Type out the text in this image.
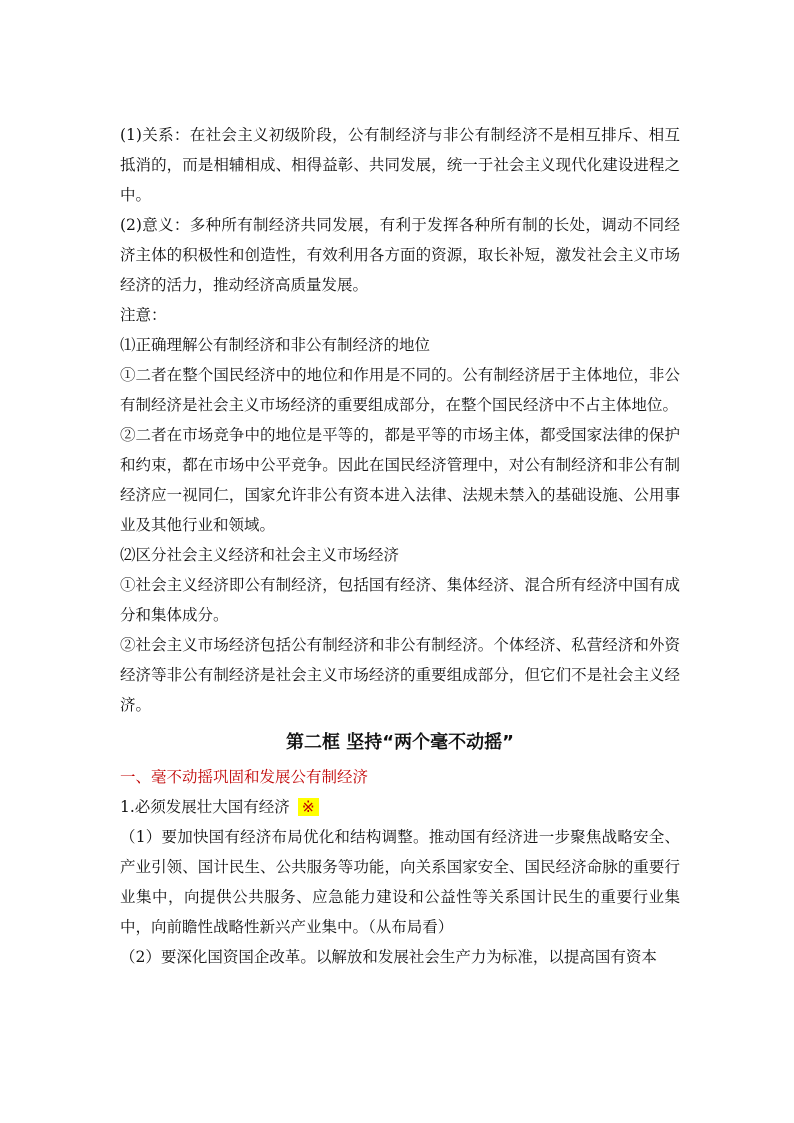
(1)关系：在社会主义初级阶段，公有制经济与非公有制经济不是相互排斥、相互抵消的，而是相辅相成、相得益彰、共同发展，统一于社会主义现代化建设进程之中。

(2)意义：多种所有制经济共同发展，有利于发挥各种所有制的长处，调动不同经济主体的积极性和创造性，有效利用各方面的资源，取长补短，激发社会主义市场经济的活力，推动经济高质量发展。

注意：

⑴正确理解公有制经济和非公有制经济的地位

①二者在整个国民经济中的地位和作用是不同的。公有制经济居于主体地位，非公有制经济是社会主义市场经济的重要组成部分，在整个国民经济中不占主体地位。

②二者在市场竞争中的地位是平等的，都是平等的市场主体，都受国家法律的保护和约束，都在市场中公平竞争。因此在国民经济管理中，对公有制经济和非公有制经济应一视同仁，国家允许非公有资本进入法律、法规未禁入的基础设施、公用事业及其他行业和领域。

⑵区分社会主义经济和社会主义市场经济

①社会主义经济即公有制经济，包括国有经济、集体经济、混合所有经济中国有成分和集体成分。

②社会主义市场经济包括公有制经济和非公有制经济。个体经济、私营经济和外资经济等非公有制经济是社会主义市场经济的重要组成部分，但它们不是社会主义经济。

第二框 坚持“两个毫不动摇”

一、毫不动摇巩固和发展公有制经济

1.必须发展壮大国有经济 ※

（1）要加快国有经济布局优化和结构调整。推动国有经济进一步聚焦战略安全、产业引领、国计民生、公共服务等功能，向关系国家安全、国民经济命脉的重要行业集中，向提供公共服务、应急能力建设和公益性等关系国计民生的重要行业集中，向前瞻性战略性新兴产业集中。（从布局看）

（2）要深化国资国企改革。以解放和发展社会生产力为标准，以提高国有资本
